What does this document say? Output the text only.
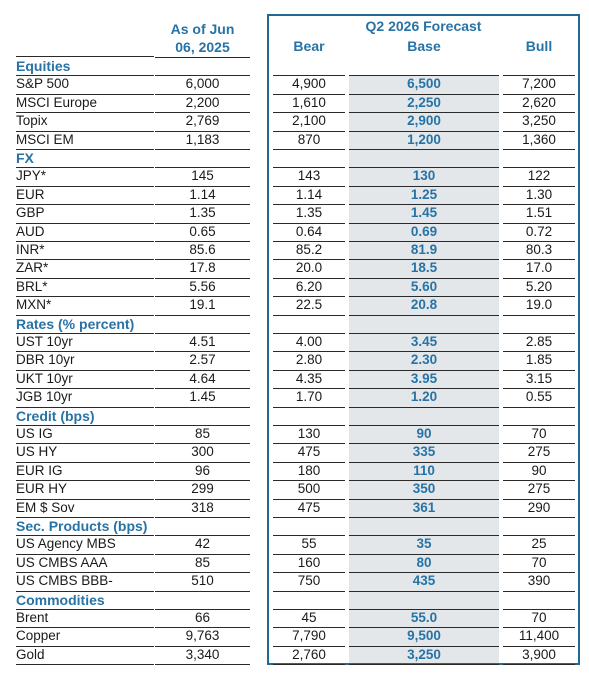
As of Jun
06, 2025
Q2 2026 Forecast
Bear	Base	Bull
Equities
S&P 500	6,000	4,900	6,500	7,200
MSCI Europe	2,200	1,610	2,250	2,620
Topix	2,769	2,100	2,900	3,250
MSCI EM	1,183	870	1,200	1,360
FX
JPY*	145	143	130	122
EUR	1.14	1.14	1.25	1.30
GBP	1.35	1.35	1.45	1.51
AUD	0.65	0.64	0.69	0.72
INR*	85.6	85.2	81.9	80.3
ZAR*	17.8	20.0	18.5	17.0
BRL*	5.56	6.20	5.60	5.20
MXN*	19.1	22.5	20.8	19.0
Rates (% percent)
UST 10yr	4.51	4.00	3.45	2.85
DBR 10yr	2.57	2.80	2.30	1.85
UKT 10yr	4.64	4.35	3.95	3.15
JGB 10yr	1.45	1.70	1.20	0.55
Credit (bps)
US IG	85	130	90	70
US HY	300	475	335	275
EUR IG	96	180	110	90
EUR HY	299	500	350	275
EM $ Sov	318	475	361	290
Sec. Products (bps)
US Agency MBS	42	55	35	25
US CMBS AAA	85	160	80	70
US CMBS BBB-	510	750	435	390
Commodities
Brent	66	45	55.0	70
Copper	9,763	7,790	9,500	11,400
Gold	3,340	2,760	3,250	3,900
